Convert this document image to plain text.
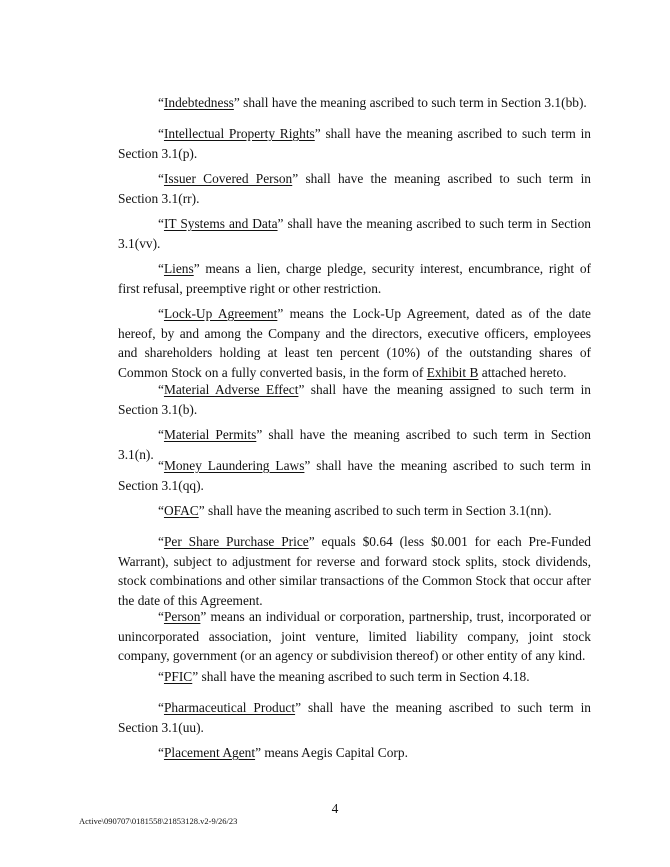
“Indebtedness” shall have the meaning ascribed to such term in Section 3.1(bb).

“Intellectual Property Rights” shall have the meaning ascribed to such term in Section 3.1(p).

“Issuer Covered Person” shall have the meaning ascribed to such term in Section 3.1(rr).

“IT Systems and Data” shall have the meaning ascribed to such term in Section 3.1(vv).

“Liens” means a lien, charge pledge, security interest, encumbrance, right of first refusal, preemptive right or other restriction.

“Lock-Up Agreement” means the Lock-Up Agreement, dated as of the date hereof, by and among the Company and the directors, executive officers, employees and shareholders holding at least ten percent (10%) of the outstanding shares of Common Stock on a fully converted basis, in the form of Exhibit B attached hereto.

“Material Adverse Effect” shall have the meaning assigned to such term in Section 3.1(b).

“Material Permits” shall have the meaning ascribed to such term in Section 3.1(n).

“Money Laundering Laws” shall have the meaning ascribed to such term in Section 3.1(qq).

“OFAC” shall have the meaning ascribed to such term in Section 3.1(nn).

“Per Share Purchase Price” equals $0.64 (less $0.001 for each Pre-Funded Warrant), subject to adjustment for reverse and forward stock splits, stock dividends, stock combinations and other similar transactions of the Common Stock that occur after the date of this Agreement.

“Person” means an individual or corporation, partnership, trust, incorporated or unincorporated association, joint venture, limited liability company, joint stock company, government (or an agency or subdivision thereof) or other entity of any kind.

“PFIC” shall have the meaning ascribed to such term in Section 4.18.

“Pharmaceutical Product” shall have the meaning ascribed to such term in Section 3.1(uu).

“Placement Agent” means Aegis Capital Corp.

4
Active\090707\0181558\21853128.v2-9/26/23
